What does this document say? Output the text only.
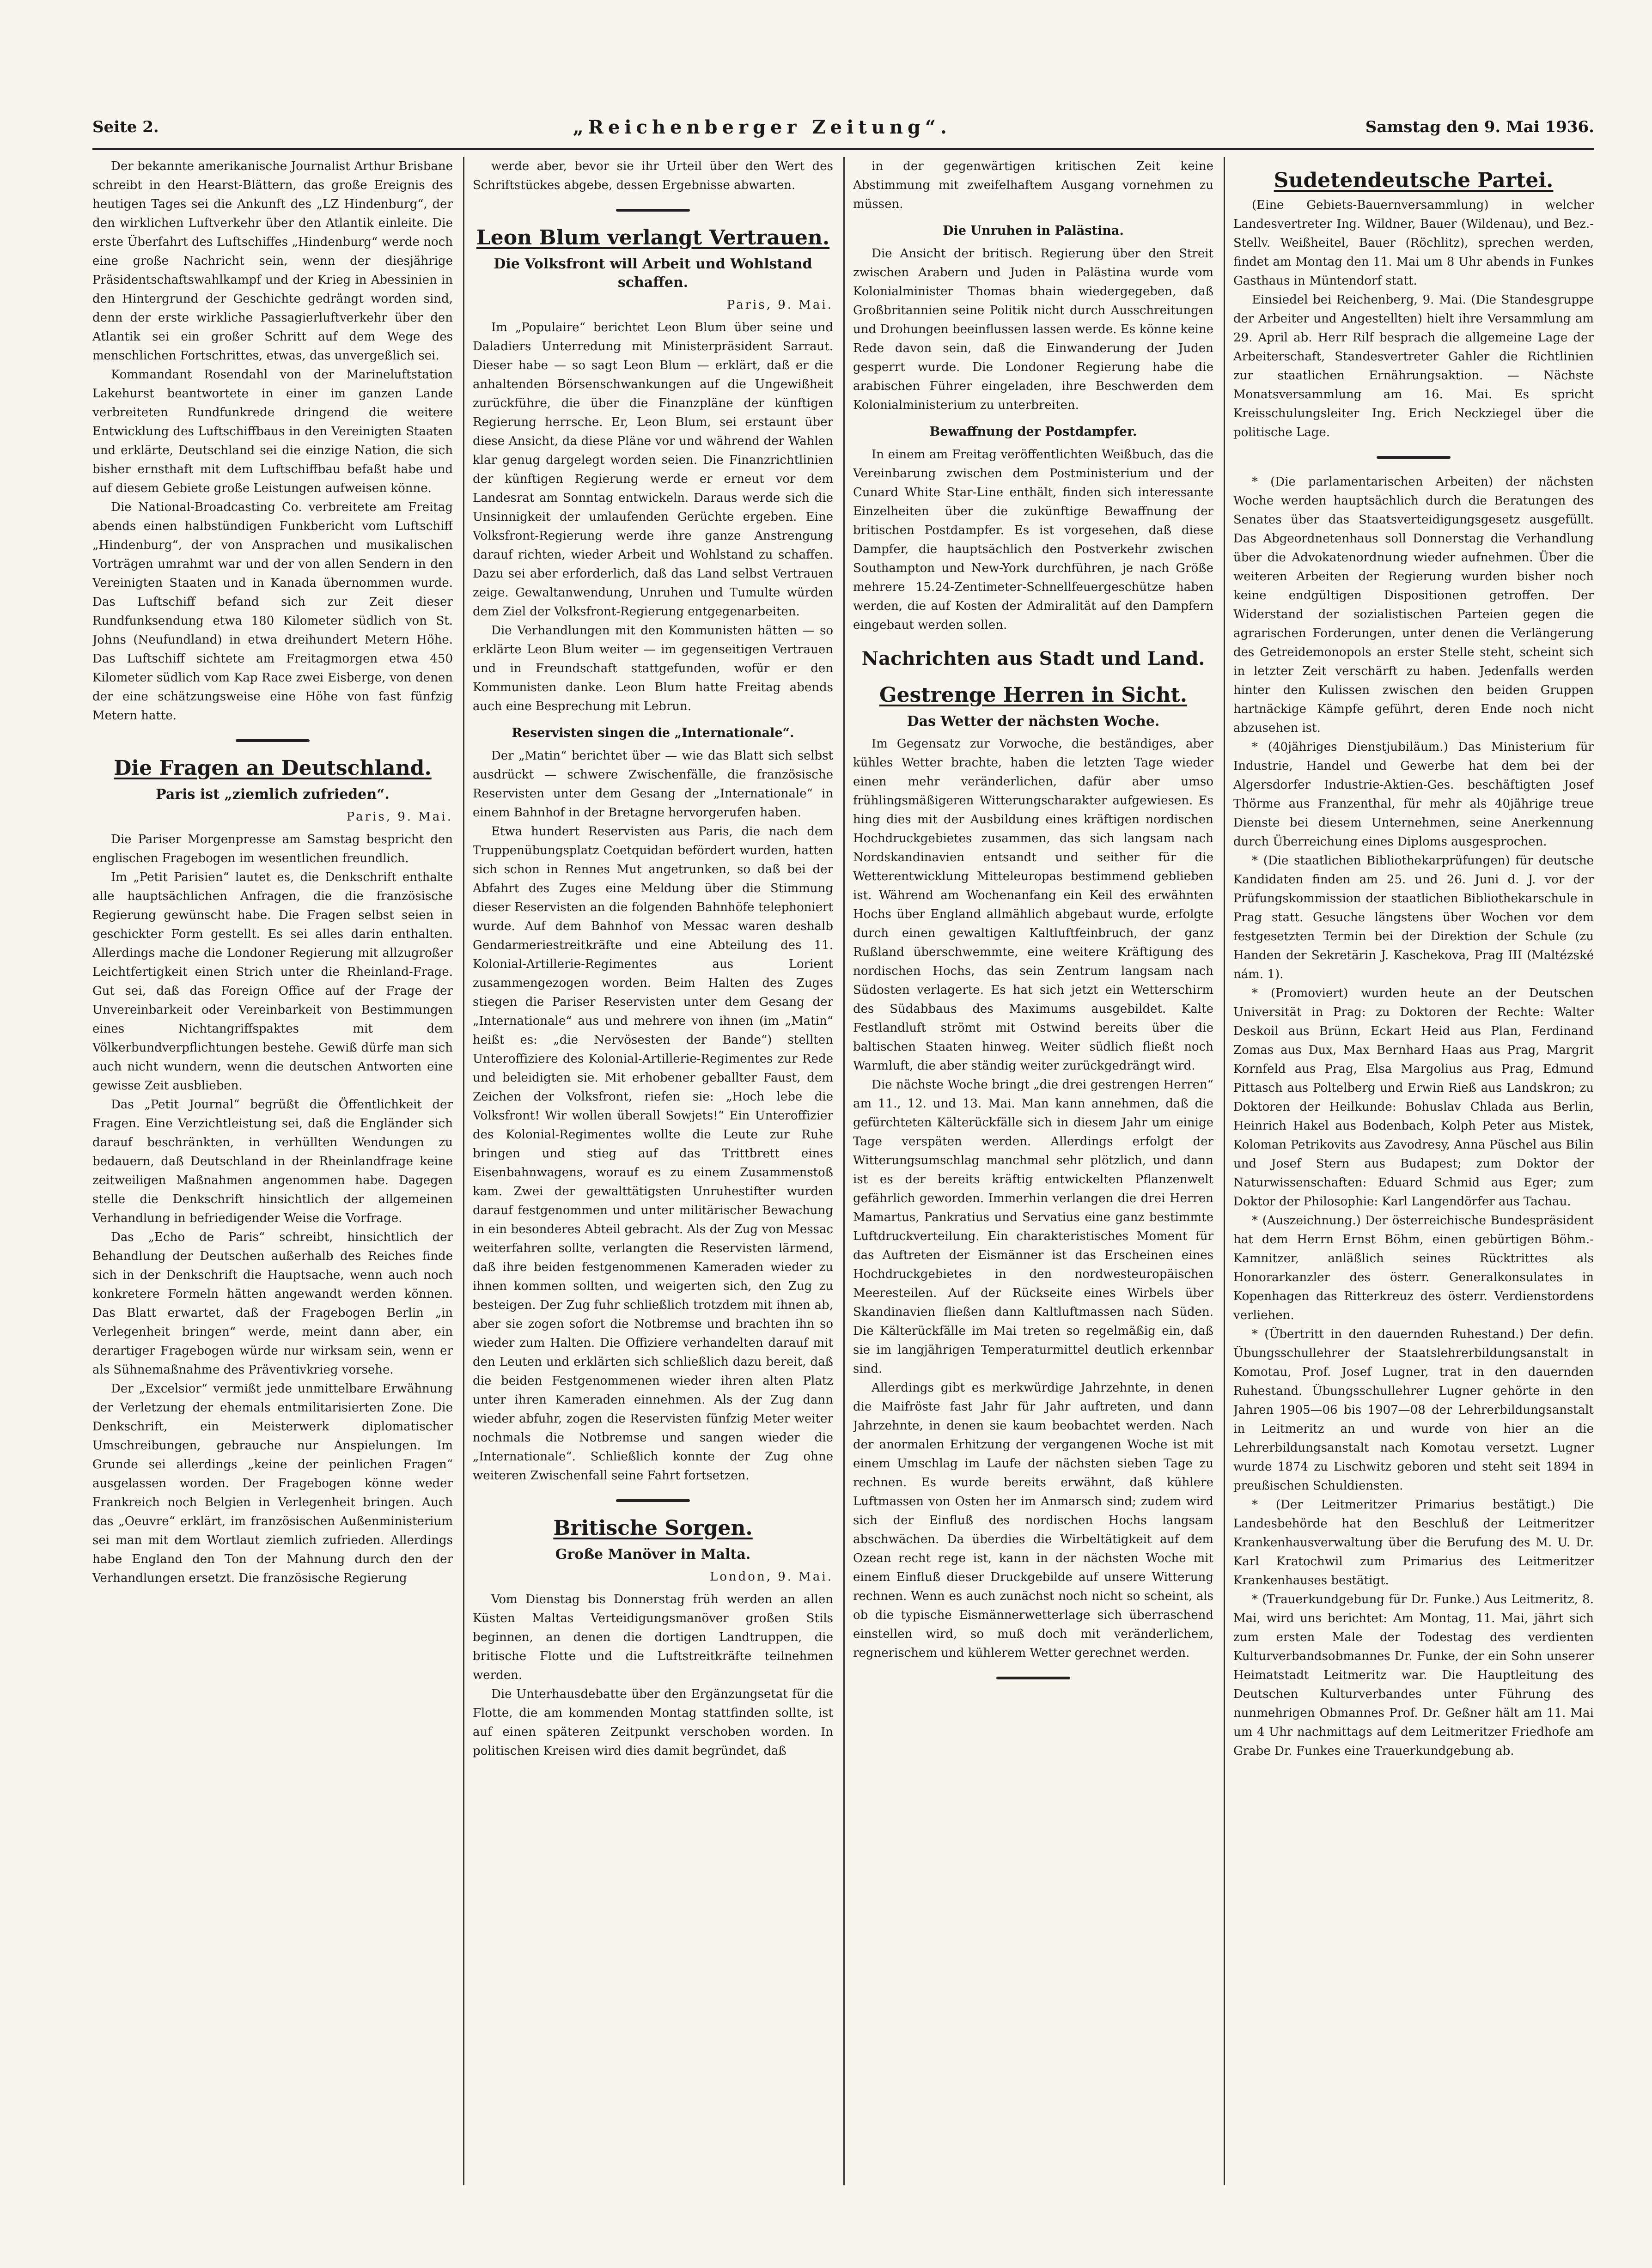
Seite 2.	„Reichenberger Zeitung“.	Samstag den 9. Mai 1936.

Der bekannte amerikanische Journalist Arthur Brisbane schreibt in den Hearst-Blättern, das große Ereignis des heutigen Tages sei die Ankunft des „LZ Hindenburg“, der den wirklichen Luftverkehr über den Atlantik einleite. Die erste Überfahrt des Luftschiffes „Hindenburg“ werde noch eine große Nachricht sein, wenn der diesjährige Präsidentschaftswahlkampf und der Krieg in Abessinien in den Hintergrund der Geschichte gedrängt worden sind, denn der erste wirkliche Passagierluftverkehr über den Atlantik sei ein großer Schritt auf dem Wege des menschlichen Fortschrittes, etwas, das unvergeßlich sei.

Kommandant Rosendahl von der Marineluftstation Lakehurst beantwortete in einer im ganzen Lande verbreiteten Rundfunkrede dringend die weitere Entwicklung des Luftschiffbaus in den Vereinigten Staaten und erklärte, Deutschland sei die einzige Nation, die sich bisher ernsthaft mit dem Luftschiffbau befaßt habe und auf diesem Gebiete große Leistungen aufweisen könne.

Die National-Broadcasting Co. verbreitete am Freitag abends einen halbstündigen Funkbericht vom Luftschiff „Hindenburg“, der von Ansprachen und musikalischen Vorträgen umrahmt war und der von allen Sendern in den Vereinigten Staaten und in Kanada übernommen wurde. Das Luftschiff befand sich zur Zeit dieser Rundfunksendung etwa 180 Kilometer südlich von St. Johns (Neufundland) in etwa dreihundert Metern Höhe. Das Luftschiff sichtete am Freitagmorgen etwa 450 Kilometer südlich vom Kap Race zwei Eisberge, von denen der eine schätzungsweise eine Höhe von fast fünfzig Metern hatte.

Die Fragen an Deutschland.
Paris ist „ziemlich zufrieden“.
Paris, 9. Mai.

Die Pariser Morgenpresse am Samstag bespricht den englischen Fragebogen im wesentlichen freundlich.

Im „Petit Parisien“ lautet es, die Denkschrift enthalte alle hauptsächlichen Anfragen, die die französische Regierung gewünscht habe. Die Fragen selbst seien in geschickter Form gestellt. Es sei alles darin enthalten. Allerdings mache die Londoner Regierung mit allzugroßer Leichtfertigkeit einen Strich unter die Rheinland-Frage. Gut sei, daß das Foreign Office auf der Frage der Unvereinbarkeit oder Vereinbarkeit von Bestimmungen eines Nichtangriffspaktes mit dem Völkerbundverpflichtungen bestehe. Gewiß dürfe man sich auch nicht wundern, wenn die deutschen Antworten eine gewisse Zeit ausblieben.

Das „Petit Journal“ begrüßt die Öffentlichkeit der Fragen. Eine Verzichtleistung sei, daß die Engländer sich darauf beschränkten, in verhüllten Wendungen zu bedauern, daß Deutschland in der Rheinlandfrage keine zeitweiligen Maßnahmen angenommen habe. Dagegen stelle die Denkschrift hinsichtlich der allgemeinen Verhandlung in befriedigender Weise die Vorfrage.

Das „Echo de Paris“ schreibt, hinsichtlich der Behandlung der Deutschen außerhalb des Reiches finde sich in der Denkschrift die Hauptsache, wenn auch noch konkretere Formeln hätten angewandt werden können. Das Blatt erwartet, daß der Fragebogen Berlin „in Verlegenheit bringen“ werde, meint dann aber, ein derartiger Fragebogen würde nur wirksam sein, wenn er als Sühnemaßnahme des Präventivkrieg vorsehe.

Der „Excelsior“ vermißt jede unmittelbare Erwähnung der Verletzung der ehemals entmilitarisierten Zone. Die Denkschrift, ein Meisterwerk diplomatischer Umschreibungen, gebrauche nur Anspielungen. Im Grunde sei allerdings „keine der peinlichen Fragen“ ausgelassen worden. Der Fragebogen könne weder Frankreich noch Belgien in Verlegenheit bringen. Auch das „Oeuvre“ erklärt, im französischen Außenministerium sei man mit dem Wortlaut ziemlich zufrieden. Allerdings habe England den Ton der Mahnung durch den der Verhandlungen ersetzt. Die französische Regierung

werde aber, bevor sie ihr Urteil über den Wert des Schriftstückes abgebe, dessen Ergebnisse abwarten.

Leon Blum verlangt Vertrauen.
Die Volksfront will Arbeit und Wohlstand schaffen.
Paris, 9. Mai.

Im „Populaire“ berichtet Leon Blum über seine und Daladiers Unterredung mit Ministerpräsident Sarraut. Dieser habe — so sagt Leon Blum — erklärt, daß er die anhaltenden Börsenschwankungen auf die Ungewißheit zurückführe, die über die Finanzpläne der künftigen Regierung herrsche. Er, Leon Blum, sei erstaunt über diese Ansicht, da diese Pläne vor und während der Wahlen klar genug dargelegt worden seien. Die Finanzrichtlinien der künftigen Regierung werde er erneut vor dem Landesrat am Sonntag entwickeln. Daraus werde sich die Unsinnigkeit der umlaufenden Gerüchte ergeben. Eine Volksfront-Regierung werde ihre ganze Anstrengung darauf richten, wieder Arbeit und Wohlstand zu schaffen. Dazu sei aber erforderlich, daß das Land selbst Vertrauen zeige. Gewaltanwendung, Unruhen und Tumulte würden dem Ziel der Volksfront-Regierung entgegenarbeiten.

Die Verhandlungen mit den Kommunisten hätten — so erklärte Leon Blum weiter — im gegenseitigen Vertrauen und in Freundschaft stattgefunden, wofür er den Kommunisten danke. Leon Blum hatte Freitag abends auch eine Besprechung mit Lebrun.

Reservisten singen die „Internationale“.

Der „Matin“ berichtet über — wie das Blatt sich selbst ausdrückt — schwere Zwischenfälle, die französische Reservisten unter dem Gesang der „Internationale“ in einem Bahnhof in der Bretagne hervorgerufen haben.

Etwa hundert Reservisten aus Paris, die nach dem Truppenübungsplatz Coetquidan befördert wurden, hatten sich schon in Rennes Mut angetrunken, so daß bei der Abfahrt des Zuges eine Meldung über die Stimmung dieser Reservisten an die folgenden Bahnhöfe telephoniert wurde. Auf dem Bahnhof von Messac waren deshalb Gendarmeriestreitkräfte und eine Abteilung des 11. Kolonial-Artillerie-Regimentes aus Lorient zusammengezogen worden. Beim Halten des Zuges stiegen die Pariser Reservisten unter dem Gesang der „Internationale“ aus und mehrere von ihnen (im „Matin“ heißt es: „die Nervösesten der Bande“) stellten Unteroffiziere des Kolonial-Artillerie-Regimentes zur Rede und beleidigten sie. Mit erhobener geballter Faust, dem Zeichen der Volksfront, riefen sie: „Hoch lebe die Volksfront! Wir wollen überall Sowjets!“ Ein Unteroffizier des Kolonial-Regimentes wollte die Leute zur Ruhe bringen und stieg auf das Trittbrett eines Eisenbahnwagens, worauf es zu einem Zusammenstoß kam. Zwei der gewalttätigsten Unruhestifter wurden darauf festgenommen und unter militärischer Bewachung in ein besonderes Abteil gebracht. Als der Zug von Messac weiterfahren sollte, verlangten die Reservisten lärmend, daß ihre beiden festgenommenen Kameraden wieder zu ihnen kommen sollten, und weigerten sich, den Zug zu besteigen. Der Zug fuhr schließlich trotzdem mit ihnen ab, aber sie zogen sofort die Notbremse und brachten ihn so wieder zum Halten. Die Offiziere verhandelten darauf mit den Leuten und erklärten sich schließlich dazu bereit, daß die beiden Festgenommenen wieder ihren alten Platz unter ihren Kameraden einnehmen. Als der Zug dann wieder abfuhr, zogen die Reservisten fünfzig Meter weiter nochmals die Notbremse und sangen wieder die „Internationale“. Schließlich konnte der Zug ohne weiteren Zwischenfall seine Fahrt fortsetzen.

Britische Sorgen.
Große Manöver in Malta.
London, 9. Mai.

Vom Dienstag bis Donnerstag früh werden an allen Küsten Maltas Verteidigungsmanöver großen Stils beginnen, an denen die dortigen Landtruppen, die britische Flotte und die Luftstreitkräfte teilnehmen werden.

Die Unterhausdebatte über den Ergänzungsetat für die Flotte, die am kommenden Montag stattfinden sollte, ist auf einen späteren Zeitpunkt verschoben worden. In politischen Kreisen wird dies damit begründet, daß

in der gegenwärtigen kritischen Zeit keine Abstimmung mit zweifelhaftem Ausgang vornehmen zu müssen.

Die Unruhen in Palästina.

Die Ansicht der britisch. Regierung über den Streit zwischen Arabern und Juden in Palästina wurde vom Kolonialminister Thomas bhain wiedergegeben, daß Großbritannien seine Politik nicht durch Ausschreitungen und Drohungen beeinflussen lassen werde. Es könne keine Rede davon sein, daß die Einwanderung der Juden gesperrt wurde. Die Londoner Regierung habe die arabischen Führer eingeladen, ihre Beschwerden dem Kolonialministerium zu unterbreiten.

Bewaffnung der Postdampfer.

In einem am Freitag veröffentlichten Weißbuch, das die Vereinbarung zwischen dem Postministerium und der Cunard White Star-Line enthält, finden sich interessante Einzelheiten über die zukünftige Bewaffnung der britischen Postdampfer. Es ist vorgesehen, daß diese Dampfer, die hauptsächlich den Postverkehr zwischen Southampton und New-York durchführen, je nach Größe mehrere 15.24-Zentimeter-Schnellfeuergeschütze haben werden, die auf Kosten der Admiralität auf den Dampfern eingebaut werden sollen.

Nachrichten aus Stadt und Land.
Gestrenge Herren in Sicht.
Das Wetter der nächsten Woche.

Im Gegensatz zur Vorwoche, die beständiges, aber kühles Wetter brachte, haben die letzten Tage wieder einen mehr veränderlichen, dafür aber umso frühlingsmäßigeren Witterungscharakter aufgewiesen. Es hing dies mit der Ausbildung eines kräftigen nordischen Hochdruckgebietes zusammen, das sich langsam nach Nordskandinavien entsandt und seither für die Wetterentwicklung Mitteleuropas bestimmend geblieben ist. Während am Wochenanfang ein Keil des erwähnten Hochs über England allmählich abgebaut wurde, erfolgte durch einen gewaltigen Kaltluftfeinbruch, der ganz Rußland überschwemmte, eine weitere Kräftigung des nordischen Hochs, das sein Zentrum langsam nach Südosten verlagerte. Es hat sich jetzt ein Wetterschirm des Südabbaus des Maximums ausgebildet. Kalte Festlandluft strömt mit Ostwind bereits über die baltischen Staaten hinweg. Weiter südlich fließt noch Warmluft, die aber ständig weiter zurückgedrängt wird.

Die nächste Woche bringt „die drei gestrengen Herren“ am 11., 12. und 13. Mai. Man kann annehmen, daß die gefürchteten Kälterückfälle sich in diesem Jahr um einige Tage verspäten werden. Allerdings erfolgt der Witterungsumschlag manchmal sehr plötzlich, und dann ist es der bereits kräftig entwickelten Pflanzenwelt gefährlich geworden. Immerhin verlangen die drei Herren Mamartus, Pankratius und Servatius eine ganz bestimmte Luftdruckverteilung. Ein charakteristisches Moment für das Auftreten der Eismänner ist das Erscheinen eines Hochdruckgebietes in den nordwesteuropäischen Meeresteilen. Auf der Rückseite eines Wirbels über Skandinavien fließen dann Kaltluftmassen nach Süden. Die Kälterückfälle im Mai treten so regelmäßig ein, daß sie im langjährigen Temperaturmittel deutlich erkennbar sind.

Allerdings gibt es merkwürdige Jahrzehnte, in denen die Maifröste fast Jahr für Jahr auftreten, und dann Jahrzehnte, in denen sie kaum beobachtet werden. Nach der anormalen Erhitzung der vergangenen Woche ist mit einem Umschlag im Laufe der nächsten sieben Tage zu rechnen. Es wurde bereits erwähnt, daß kühlere Luftmassen von Osten her im Anmarsch sind; zudem wird sich der Einfluß des nordischen Hochs langsam abschwächen. Da überdies die Wirbeltätigkeit auf dem Ozean recht rege ist, kann in der nächsten Woche mit einem Einfluß dieser Druckgebilde auf unsere Witterung rechnen. Wenn es auch zunächst noch nicht so scheint, als ob die typische Eismännerwetterlage sich überraschend einstellen wird, so muß doch mit veränderlichem, regnerischem und kühlerem Wetter gerechnet werden.

Sudetendeutsche Partei.

(Eine Gebiets-Bauernversammlung) in welcher Landesvertreter Ing. Wildner, Bauer (Wildenau), und Bez.-Stellv. Weißheitel, Bauer (Röchlitz), sprechen werden, findet am Montag den 11. Mai um 8 Uhr abends in Funkes Gasthaus in Müntendorf statt.

Einsiedel bei Reichenberg, 9. Mai. (Die Standesgruppe der Arbeiter und Angestellten) hielt ihre Versammlung am 29. April ab. Herr Rilf besprach die allgemeine Lage der Arbeiterschaft, Standesvertreter Gahler die Richtlinien zur staatlichen Ernährungsaktion. — Nächste Monatsversammlung am 16. Mai. Es spricht Kreisschulungsleiter Ing. Erich Neckziegel über die politische Lage.

* (Die parlamentarischen Arbeiten) der nächsten Woche werden hauptsächlich durch die Beratungen des Senates über das Staatsverteidigungsgesetz ausgefüllt. Das Abgeordnetenhaus soll Donnerstag die Verhandlung über die Advokatenordnung wieder aufnehmen. Über die weiteren Arbeiten der Regierung wurden bisher noch keine endgültigen Dispositionen getroffen. Der Widerstand der sozialistischen Parteien gegen die agrarischen Forderungen, unter denen die Verlängerung des Getreidemonopols an erster Stelle steht, scheint sich in letzter Zeit verschärft zu haben. Jedenfalls werden hinter den Kulissen zwischen den beiden Gruppen hartnäckige Kämpfe geführt, deren Ende noch nicht abzusehen ist.

* (40jähriges Dienstjubiläum.) Das Ministerium für Industrie, Handel und Gewerbe hat dem bei der Algersdorfer Industrie-Aktien-Ges. beschäftigten Josef Thörme aus Franzenthal, für mehr als 40jährige treue Dienste bei diesem Unternehmen, seine Anerkennung durch Überreichung eines Diploms ausgesprochen.

* (Die staatlichen Bibliothekarprüfungen) für deutsche Kandidaten finden am 25. und 26. Juni d. J. vor der Prüfungskommission der staatlichen Bibliothekarschule in Prag statt. Gesuche längstens über Wochen vor dem festgesetzten Termin bei der Direktion der Schule (zu Handen der Sekretärin J. Kaschekova, Prag III (Maltézské nám. 1).

* (Promoviert) wurden heute an der Deutschen Universität in Prag: zu Doktoren der Rechte: Walter Deskoil aus Brünn, Eckart Heid aus Plan, Ferdinand Zomas aus Dux, Max Bernhard Haas aus Prag, Margrit Kornfeld aus Prag, Elsa Margolius aus Prag, Edmund Pittasch aus Poltelberg und Erwin Rieß aus Landskron; zu Doktoren der Heilkunde: Bohuslav Chlada aus Berlin, Heinrich Hakel aus Bodenbach, Kolph Peter aus Mistek, Koloman Petrikovits aus Zavodresy, Anna Püschel aus Bilin und Josef Stern aus Budapest; zum Doktor der Naturwissenschaften: Eduard Schmid aus Eger; zum Doktor der Philosophie: Karl Langendörfer aus Tachau.

* (Auszeichnung.) Der österreichische Bundespräsident hat dem Herrn Ernst Böhm, einen gebürtigen Böhm.-Kamnitzer, anläßlich seines Rücktrittes als Honorarkanzler des österr. Generalkonsulates in Kopenhagen das Ritterkreuz des österr. Verdienstordens verliehen.

* (Übertritt in den dauernden Ruhestand.) Der defin. Übungsschullehrer der Staatslehrerbildungsanstalt in Komotau, Prof. Josef Lugner, trat in den dauernden Ruhestand. Übungsschullehrer Lugner gehörte in den Jahren 1905—06 bis 1907—08 der Lehrerbildungsanstalt in Leitmeritz an und wurde von hier an die Lehrerbildungsanstalt nach Komotau versetzt. Lugner wurde 1874 zu Lischwitz geboren und steht seit 1894 in preußischen Schuldiensten.

* (Der Leitmeritzer Primarius bestätigt.) Die Landesbehörde hat den Beschluß der Leitmeritzer Krankenhausverwaltung über die Berufung des M. U. Dr. Karl Kratochwil zum Primarius des Leitmeritzer Krankenhauses bestätigt.

* (Trauerkundgebung für Dr. Funke.) Aus Leitmeritz, 8. Mai, wird uns berichtet: Am Montag, 11. Mai, jährt sich zum ersten Male der Todestag des verdienten Kulturverbandsobmannes Dr. Funke, der ein Sohn unserer Heimatstadt Leitmeritz war. Die Hauptleitung des Deutschen Kulturverbandes unter Führung des nunmehrigen Obmannes Prof. Dr. Geßner hält am 11. Mai um 4 Uhr nachmittags auf dem Leitmeritzer Friedhofe am Grabe Dr. Funkes eine Trauerkundgebung ab.
